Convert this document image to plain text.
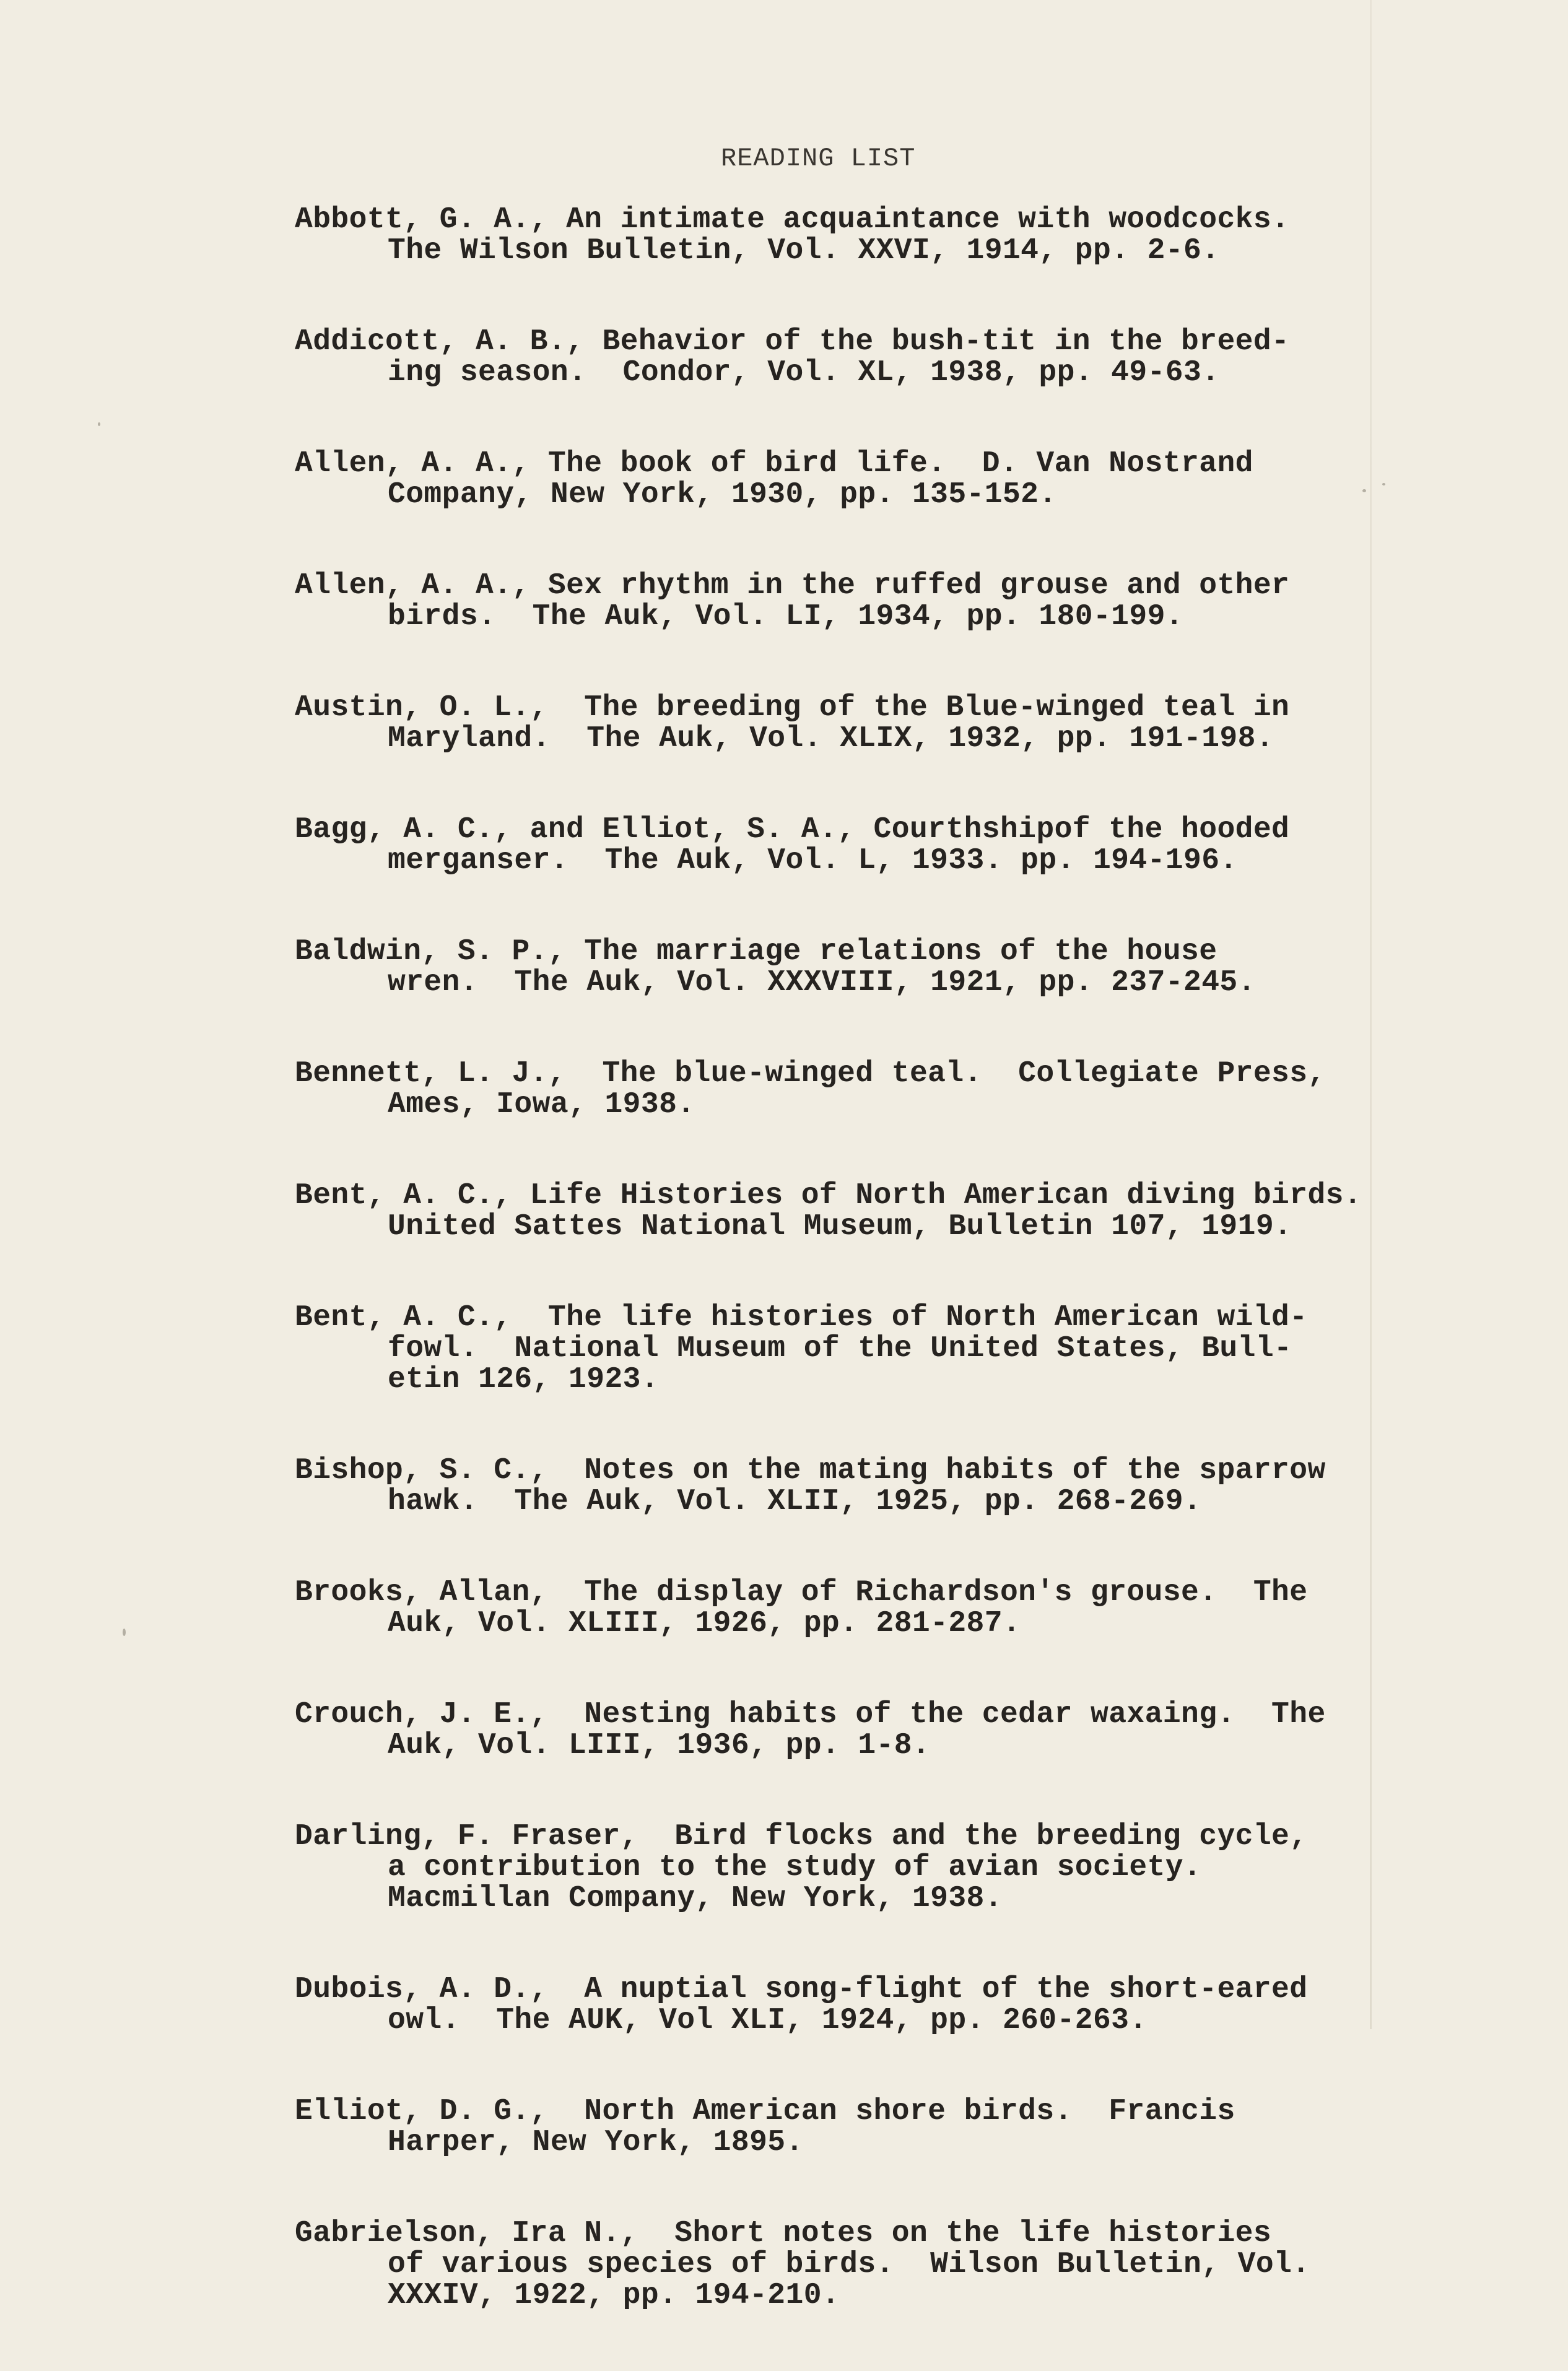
READING LIST
Abbott, G. A., An intimate acquaintance with woodcocks.
The Wilson Bulletin, Vol. XXVI, 1914, pp. 2-6.
Addicott, A. B., Behavior of the bush-tit in the breed-
ing season.  Condor, Vol. XL, 1938, pp. 49-63.
Allen, A. A., The book of bird life.  D. Van Nostrand
Company, New York, 1930, pp. 135-152.
Allen, A. A., Sex rhythm in the ruffed grouse and other
birds.  The Auk, Vol. LI, 1934, pp. 180-199.
Austin, O. L.,  The breeding of the Blue-winged teal in
Maryland.  The Auk, Vol. XLIX, 1932, pp. 191-198.
Bagg, A. C., and Elliot, S. A., Courthshipof the hooded
merganser.  The Auk, Vol. L, 1933. pp. 194-196.
Baldwin, S. P., The marriage relations of the house
wren.  The Auk, Vol. XXXVIII, 1921, pp. 237-245.
Bennett, L. J.,  The blue-winged teal.  Collegiate Press,
Ames, Iowa, 1938.
Bent, A. C., Life Histories of North American diving birds.
United Sattes National Museum, Bulletin 107, 1919.
Bent, A. C.,  The life histories of North American wild-
fowl.  National Museum of the United States, Bull-
etin 126, 1923.
Bishop, S. C.,  Notes on the mating habits of the sparrow
hawk.  The Auk, Vol. XLII, 1925, pp. 268-269.
Brooks, Allan,  The display of Richardson's grouse.  The
Auk, Vol. XLIII, 1926, pp. 281-287.
Crouch, J. E.,  Nesting habits of the cedar waxaing.  The
Auk, Vol. LIII, 1936, pp. 1-8.
Darling, F. Fraser,  Bird flocks and the breeding cycle,
a contribution to the study of avian society.
Macmillan Company, New York, 1938.
Dubois, A. D.,  A nuptial song-flight of the short-eared
owl.  The AUK, Vol XLI, 1924, pp. 260-263.
Elliot, D. G.,  North American shore birds.  Francis
Harper, New York, 1895.
Gabrielson, Ira N.,  Short notes on the life histories
of various species of birds.  Wilson Bulletin, Vol.
XXXIV, 1922, pp. 194-210.
